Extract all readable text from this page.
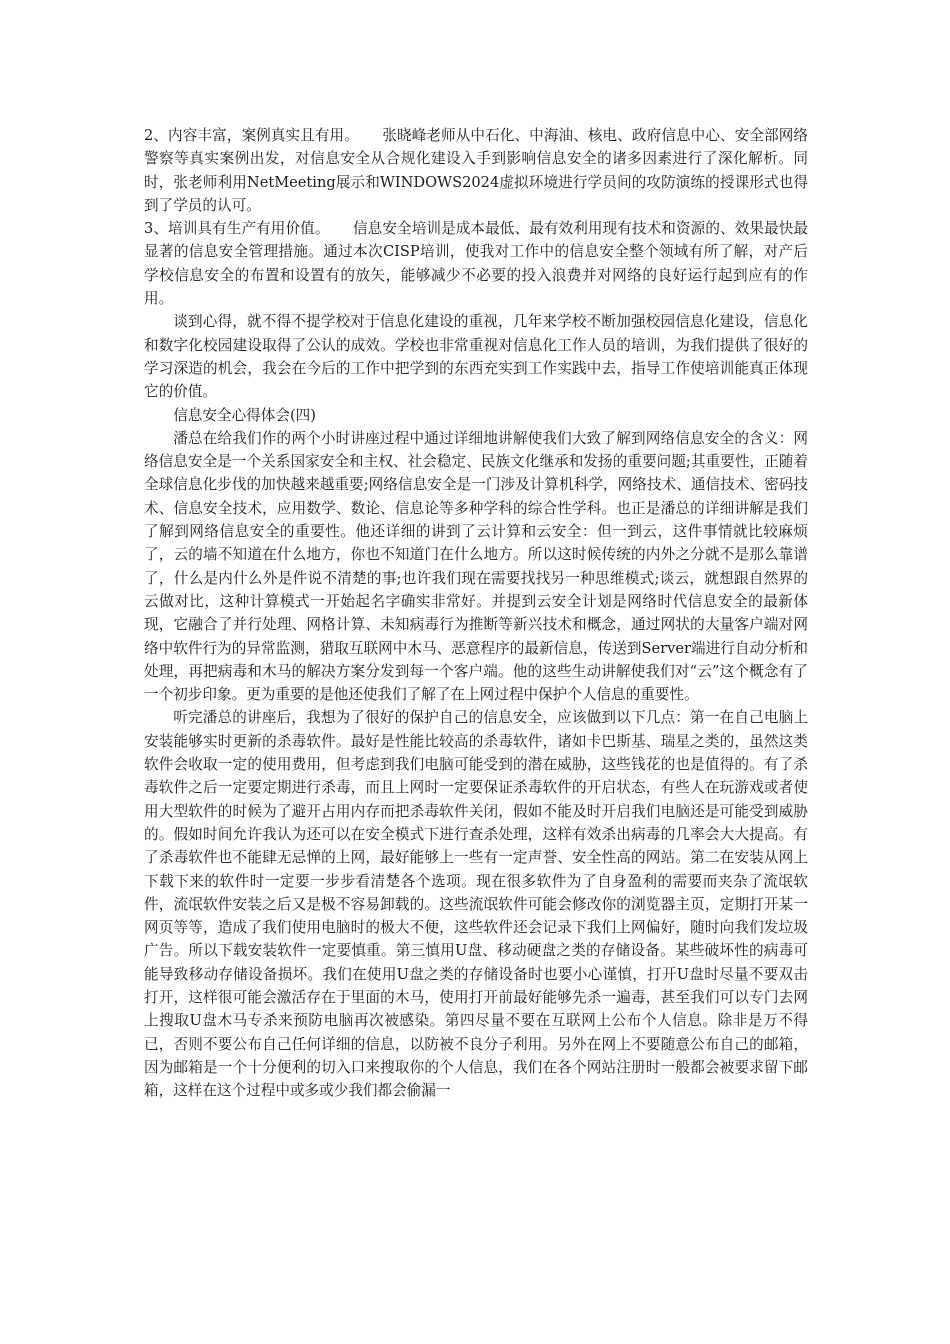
2、内容丰富，案例真实且有用。 张晓峰老师从中石化、中海油、核电、政府信息中心、安全部网络警察等真实案例出发，对信息安全从合规化建设入手到影响信息安全的诸多因素进行了深化解析。同时，张老师利用NetMeeting展示和WINDOWS2024虚拟环境进行学员间的攻防演练的授课形式也得到了学员的认可。

3、培训具有生产有用价值。 信息安全培训是成本最低、最有效利用现有技术和资源的、效果最快最显著的信息安全管理措施。通过本次CISP培训，使我对工作中的信息安全整个领域有所了解，对产后学校信息安全的布置和设置有的放矢，能够减少不必要的投入浪费并对网络的良好运行起到应有的作用。

谈到心得，就不得不提学校对于信息化建设的重视，几年来学校不断加强校园信息化建设，信息化和数字化校园建设取得了公认的成效。学校也非常重视对信息化工作人员的培训，为我们提供了很好的学习深造的机会，我会在今后的工作中把学到的东西充实到工作实践中去，指导工作使培训能真正体现它的价值。

信息安全心得体会(四)

潘总在给我们作的两个小时讲座过程中通过详细地讲解使我们大致了解到网络信息安全的含义：网络信息安全是一个关系国家安全和主权、社会稳定、民族文化继承和发扬的重要问题;其重要性，正随着全球信息化步伐的加快越来越重要;网络信息安全是一门涉及计算机科学，网络技术、通信技术、密码技术、信息安全技术，应用数学、数论、信息论等多种学科的综合性学科。也正是潘总的详细讲解是我们了解到网络信息安全的重要性。他还详细的讲到了云计算和云安全：但一到云，这件事情就比较麻烦了，云的墙不知道在什么地方，你也不知道门在什么地方。所以这时候传统的内外之分就不是那么靠谱了，什么是内什么外是件说不清楚的事;也许我们现在需要找找另一种思维模式;谈云，就想跟自然界的云做对比，这种计算模式一开始起名字确实非常好。并提到云安全计划是网络时代信息安全的最新体现，它融合了并行处理、网格计算、未知病毒行为推断等新兴技术和概念，通过网状的大量客户端对网络中软件行为的异常监测，猎取互联网中木马、恶意程序的最新信息，传送到Server端进行自动分析和处理，再把病毒和木马的解决方案分发到每一个客户端。他的这些生动讲解使我们对“云”这个概念有了一个初步印象。更为重要的是他还使我们了解了在上网过程中保护个人信息的重要性。

听完潘总的讲座后，我想为了很好的保护自己的信息安全，应该做到以下几点：第一在自己电脑上安装能够实时更新的杀毒软件。最好是性能比较高的杀毒软件，诸如卡巴斯基、瑞星之类的，虽然这类软件会收取一定的使用费用，但考虑到我们电脑可能受到的潜在威胁，这些钱花的也是值得的。有了杀毒软件之后一定要定期进行杀毒，而且上网时一定要保证杀毒软件的开启状态，有些人在玩游戏或者使用大型软件的时候为了避开占用内存而把杀毒软件关闭，假如不能及时开启我们电脑还是可能受到威胁的。假如时间允许我认为还可以在安全模式下进行查杀处理，这样有效杀出病毒的几率会大大提高。有了杀毒软件也不能肆无忌惮的上网，最好能够上一些有一定声誉、安全性高的网站。第二在安装从网上下载下来的软件时一定要一步步看清楚各个选项。现在很多软件为了自身盈利的需要而夹杂了流氓软件，流氓软件安装之后又是极不容易卸载的。这些流氓软件可能会修改你的浏览器主页，定期打开某一网页等等，造成了我们使用电脑时的极大不便，这些软件还会记录下我们上网偏好，随时向我们发垃圾广告。所以下载安装软件一定要慎重。第三慎用U盘、移动硬盘之类的存储设备。某些破坏性的病毒可能导致移动存储设备损坏。我们在使用U盘之类的存储设备时也要小心谨慎，打开U盘时尽量不要双击打开，这样很可能会激活存在于里面的木马，使用打开前最好能够先杀一遍毒，甚至我们可以专门去网上搜取U盘木马专杀来预防电脑再次被感染。第四尽量不要在互联网上公布个人信息。除非是万不得已，否则不要公布自己任何详细的信息，以防被不良分子利用。另外在网上不要随意公布自己的邮箱，因为邮箱是一个十分便利的切入口来搜取你的个人信息，我们在各个网站注册时一般都会被要求留下邮箱，这样在这个过程中或多或少我们都会偷漏一
